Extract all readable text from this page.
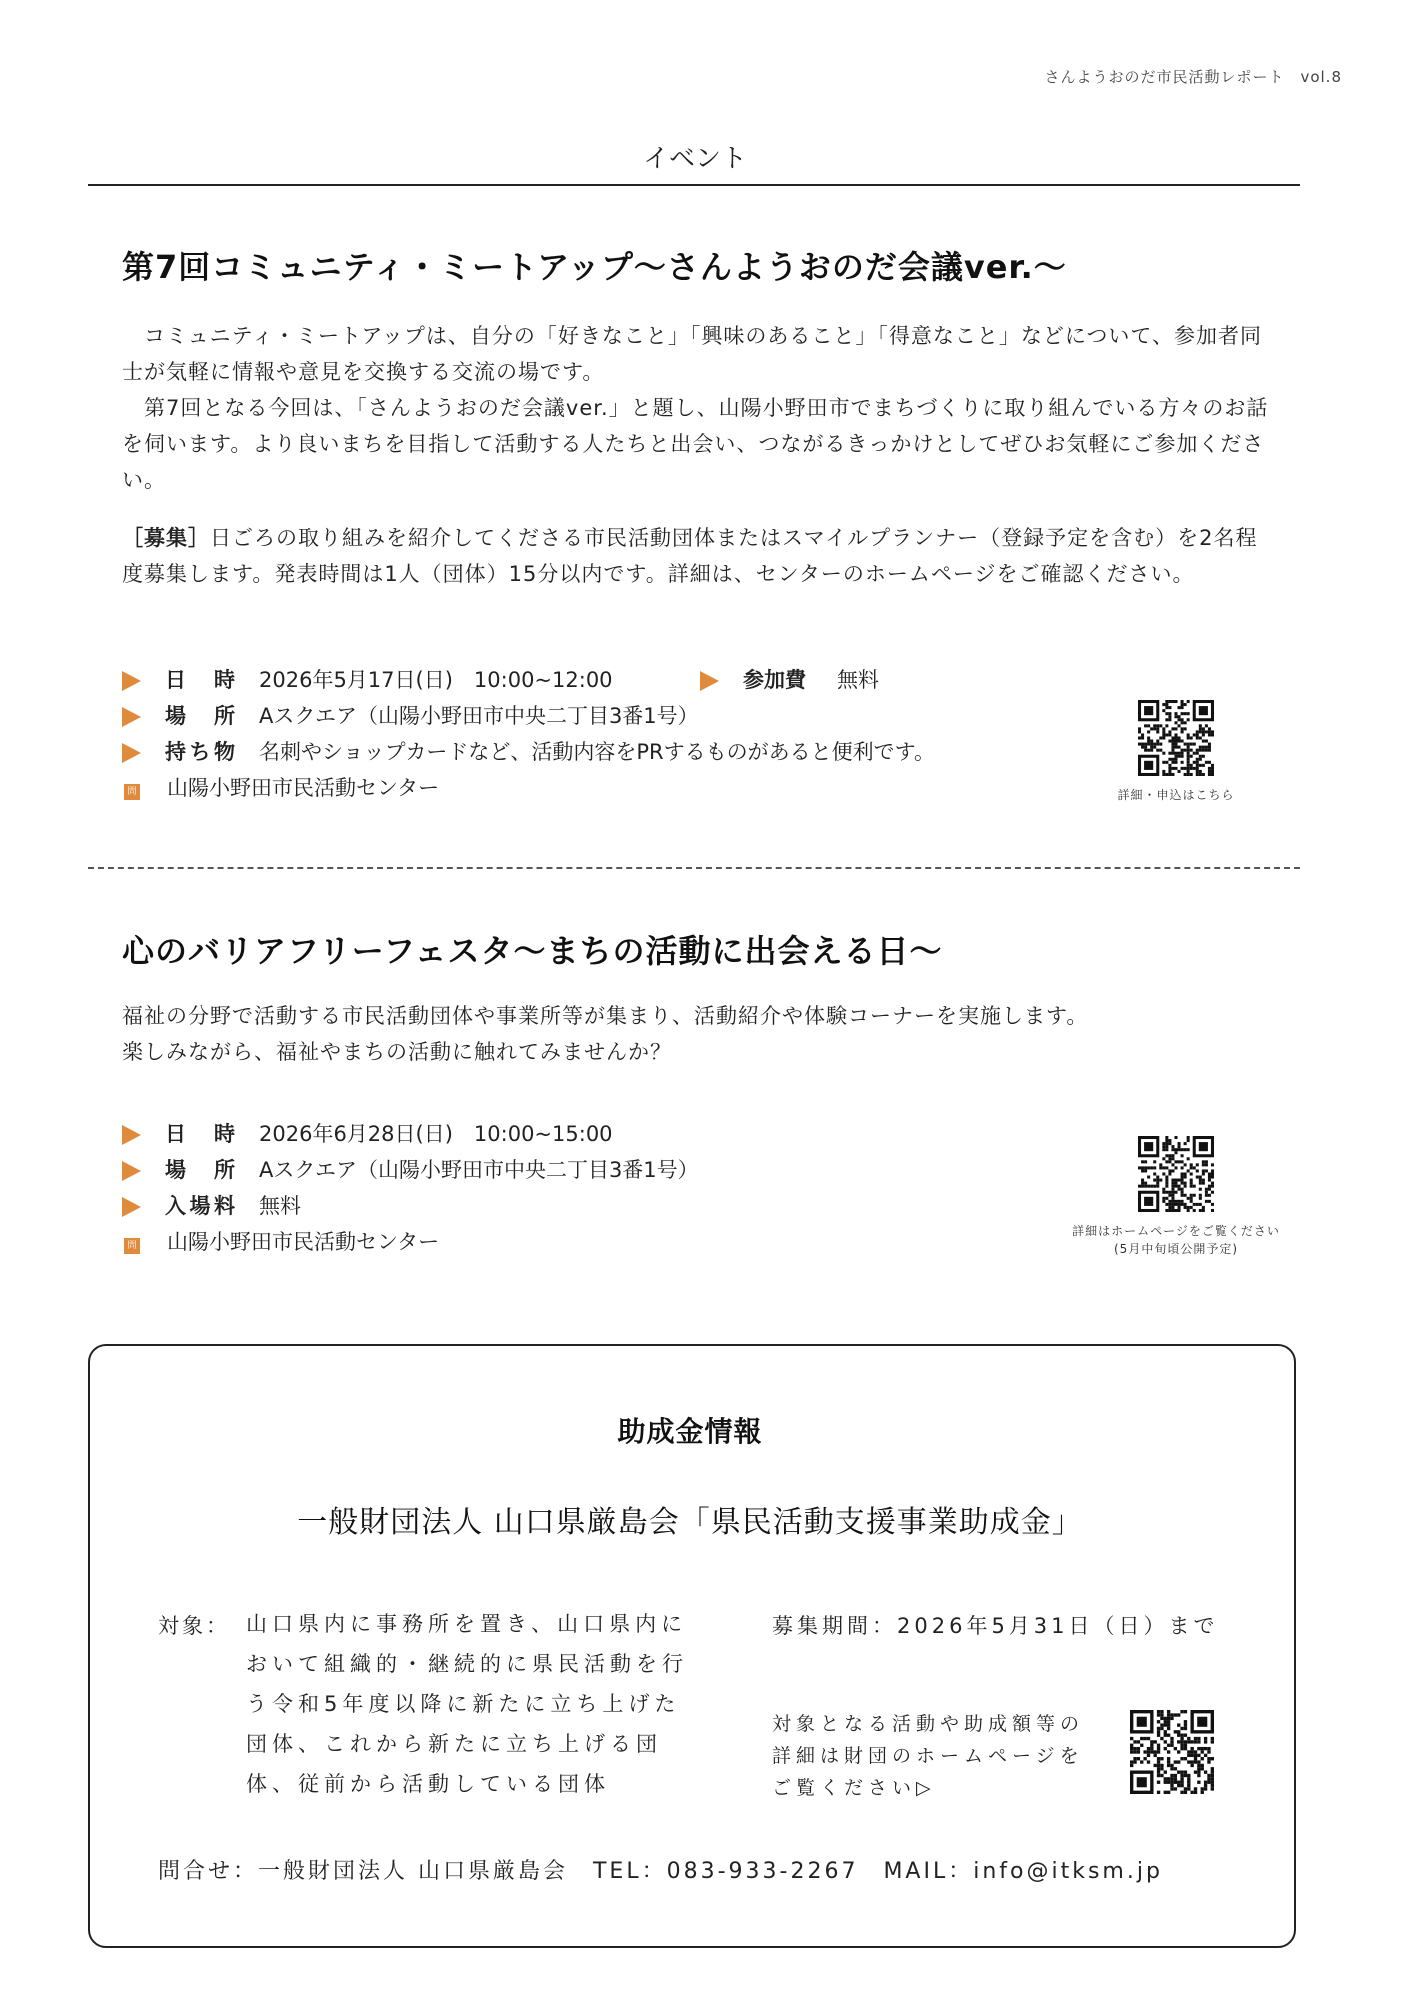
さんようおのだ市民活動レポート　vol.8
イベント
第7回コミュニティ・ミートアップ〜さんようおのだ会議ver.〜

コミュニティ・ミートアップは、自分の「好きなこと」「興味のあること」「得意なこと」などについて、参加者同士が気軽に情報や意見を交換する交流の場です。

第7回となる今回は、「さんようおのだ会議ver.」と題し、山陽小野田市でまちづくりに取り組んでいる方々のお話を伺います。より良いまちを目指して活動する人たちと出会い、つながるきっかけとしてぜひお気軽にご参加ください。

［募集］日ごろの取り組みを紹介してくださる市民活動団体またはスマイルプランナー（登録予定を含む）を2名程度募集します。発表時間は1人（団体）15分以内です。詳細は、センターのホームページをご確認ください。

日　時 2026年5月17日(日)　10:00~12:00	参加費 無料
場　所 Aスクエア（山陽小野田市中央二丁目3番1号）
持ち物 名刺やショップカードなど、活動内容をPRするものがあると便利です。
問 山陽小野田市民活動センター	詳細・申込はこちら
心のバリアフリーフェスタ〜まちの活動に出会える日〜

福祉の分野で活動する市民活動団体や事業所等が集まり、活動紹介や体験コーナーを実施します。

楽しみながら、福祉やまちの活動に触れてみませんか？

日　時 2026年6月28日(日)　10:00~15:00
場　所 Aスクエア（山陽小野田市中央二丁目3番1号）
入場料 無料
問 山陽小野田市民活動センター	詳細はホームページをご覧ください
(5月中旬頃公開予定)
助成金情報
一般財団法人 山口県厳島会「県民活動支援事業助成金」
対象： 山口県内に事務所を置き、山口県内において組織的・継続的に県民活動を行う令和5年度以降に新たに立ち上げた団体、これから新たに立ち上げる団体、従前から活動している団体

募集期間：2026年5月31日（日）まで

対象となる活動や助成額等の詳細は財団のホームページをご覧ください▷

問合せ：一般財団法人 山口県厳島会　TEL：083-933-2267　MAIL：info@itksm.jp
